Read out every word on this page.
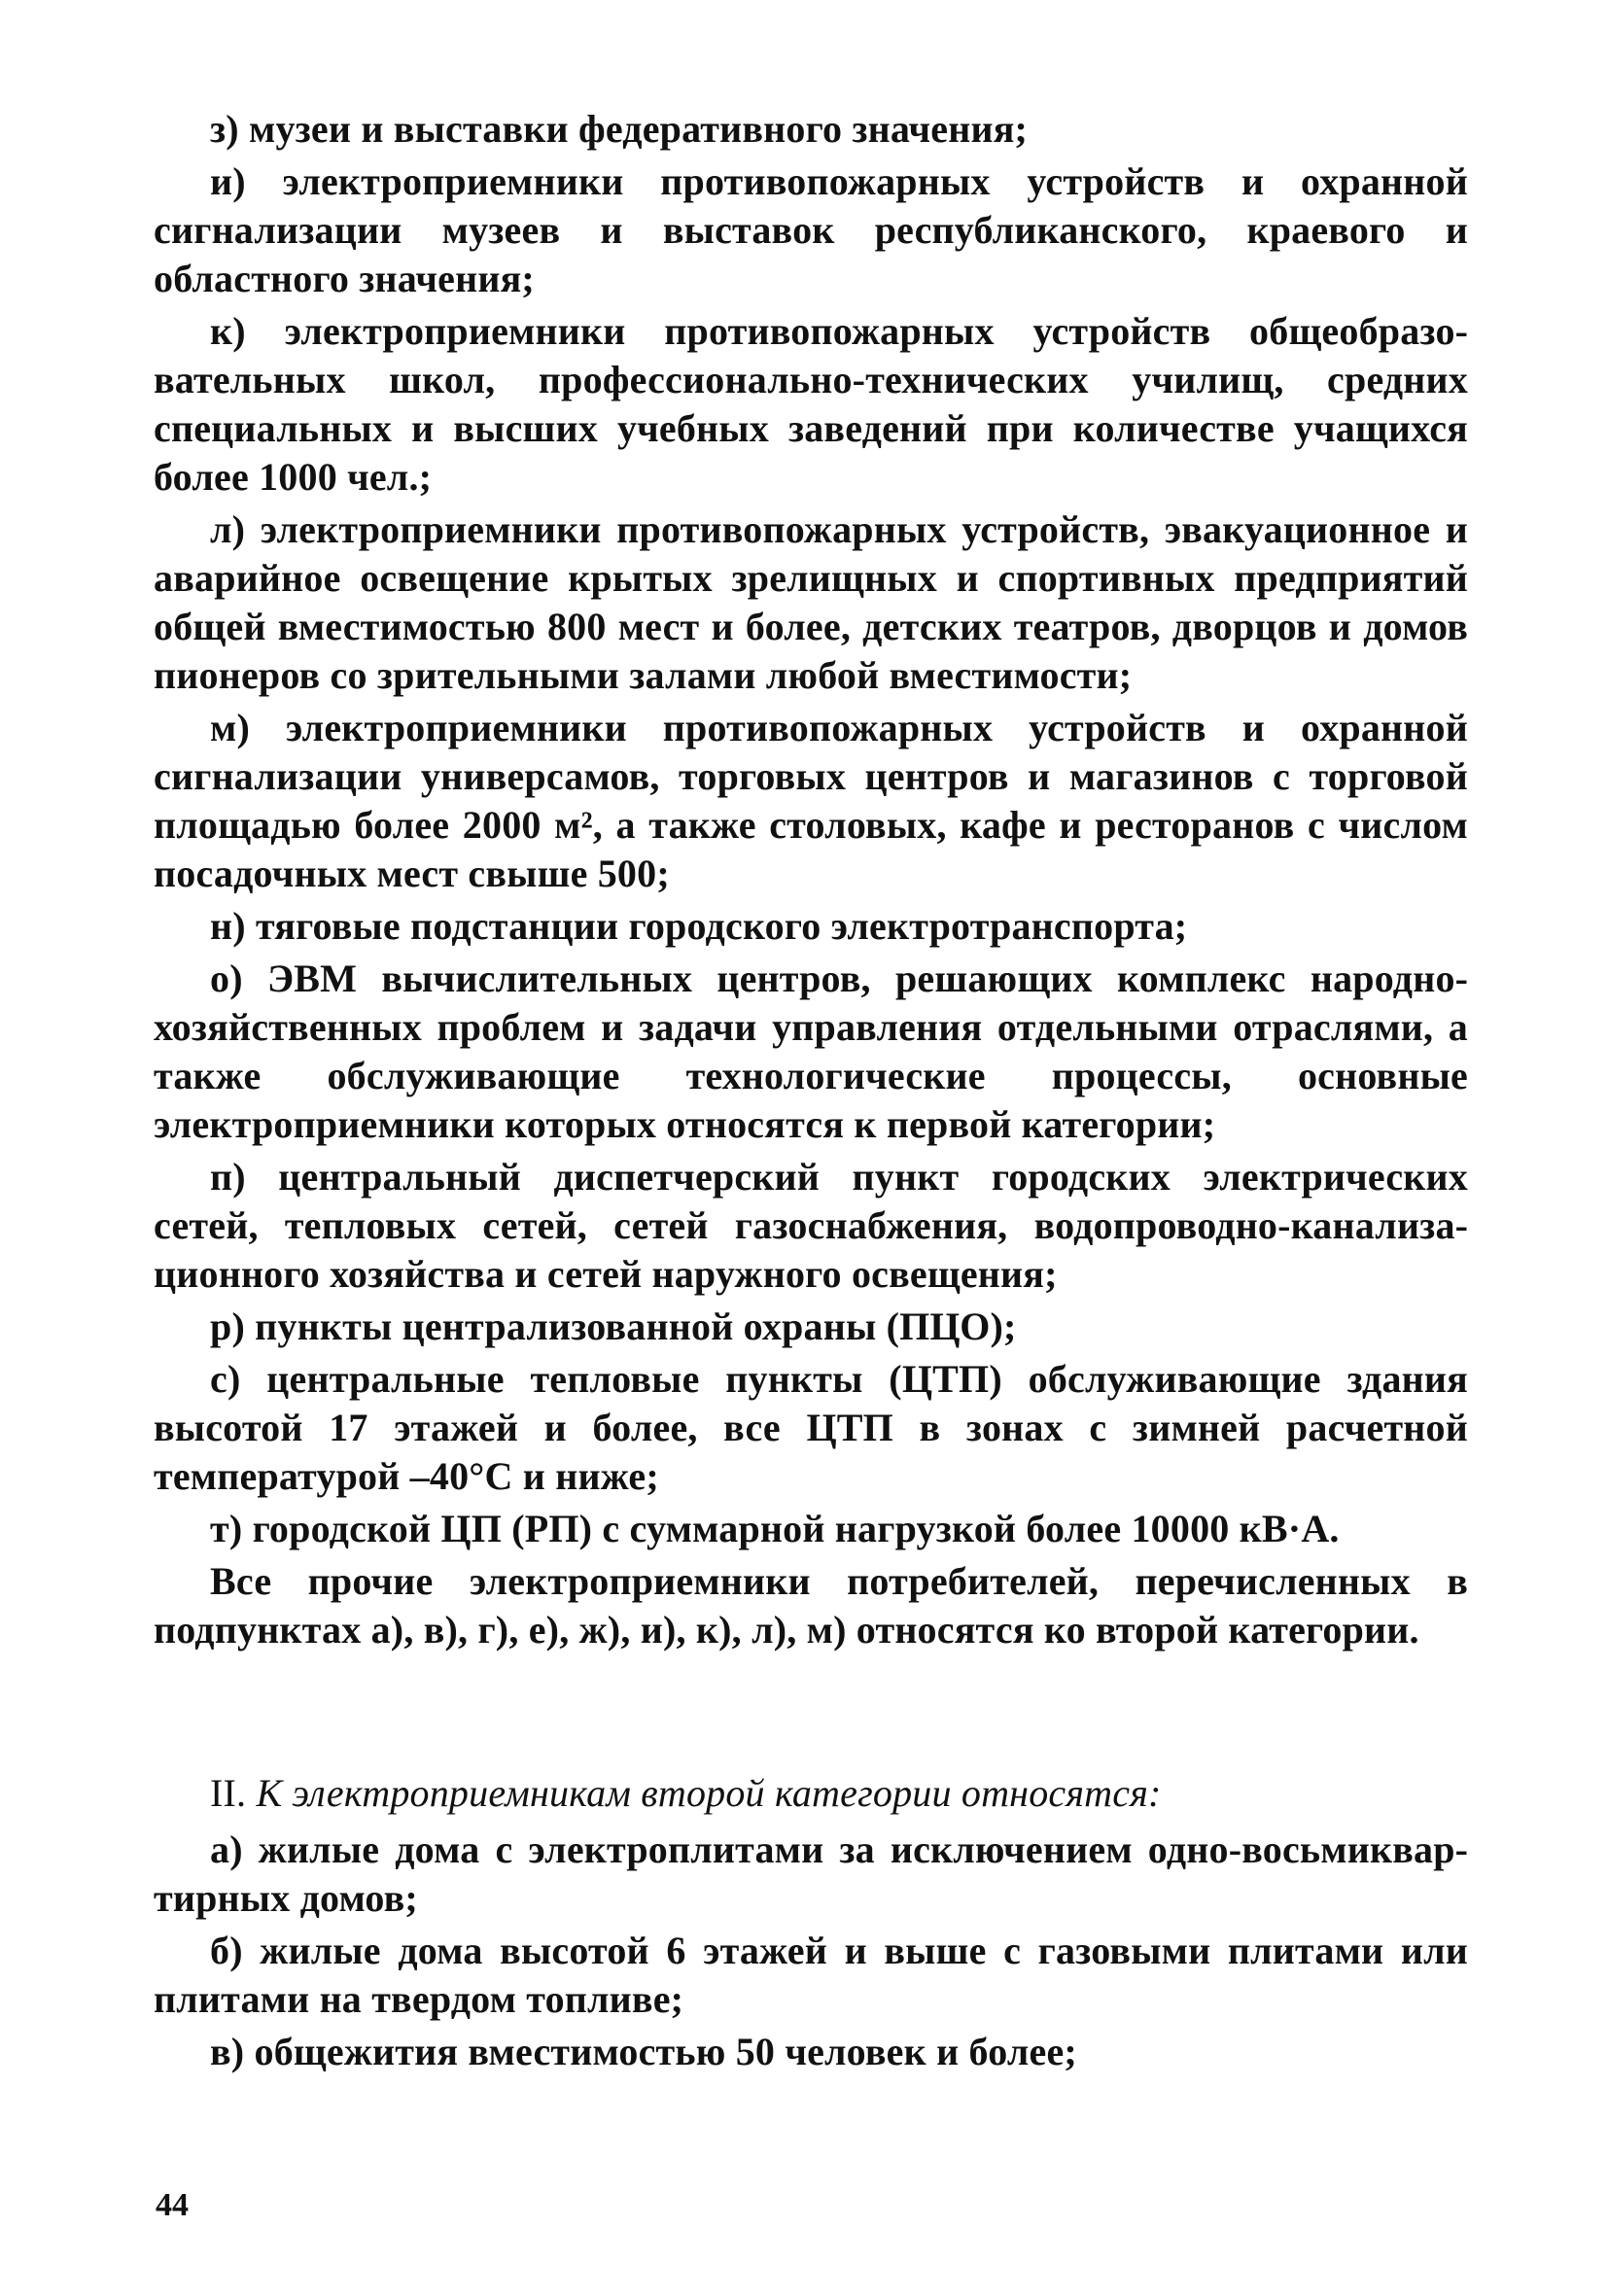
з) музеи и выставки федеративного значения;

и) электроприемники противопожарных устройств и охранной сигнализации музеев и выставок республиканского, краевого и областного значения;

к) электроприемники противопожарных устройств общеобразовательных школ, профессионально-технических училищ, средних специальных и высших учебных заведений при количестве учащихся более 1000 чел.;

л) электроприемники противопожарных устройств, эвакуационное и аварийное освещение крытых зрелищных и спортивных предприятий общей вместимостью 800 мест и более, детских театров, дворцов и домов пионеров со зрительными залами любой вместимости;

м) электроприемники противопожарных устройств и охранной сигнализации универсамов, торговых центров и магазинов с торговой площадью более 2000 м², а также столовых, кафе и ресторанов с числом посадочных мест свыше 500;

н) тяговые подстанции городского электротранспорта;

о) ЭВМ вычислительных центров, решающих комплекс народнохозяйственных проблем и задачи управления отдельными отраслями, а также обслуживающие технологические процессы, основные электроприемники которых относятся к первой категории;

п) центральный диспетчерский пункт городских электрических сетей, тепловых сетей, сетей газоснабжения, водопроводно-канализационного хозяйства и сетей наружного освещения;

р) пункты централизованной охраны (ПЦО);

с) центральные тепловые пункты (ЦТП) обслуживающие здания высотой 17 этажей и более, все ЦТП в зонах с зимней расчетной температурой –40°С и ниже;

т) городской ЦП (РП) с суммарной нагрузкой более 10000 кВ·А.

Все прочие электроприемники потребителей, перечисленных в подпунктах а), в), г), е), ж), и), к), л), м) относятся ко второй категории.

II. К электроприемникам второй категории относятся:

а) жилые дома с электроплитами за исключением одно-восьмиквартирных домов;

б) жилые дома высотой 6 этажей и выше с газовыми плитами или плитами на твердом топливе;

в) общежития вместимостью 50 человек и более;

44
